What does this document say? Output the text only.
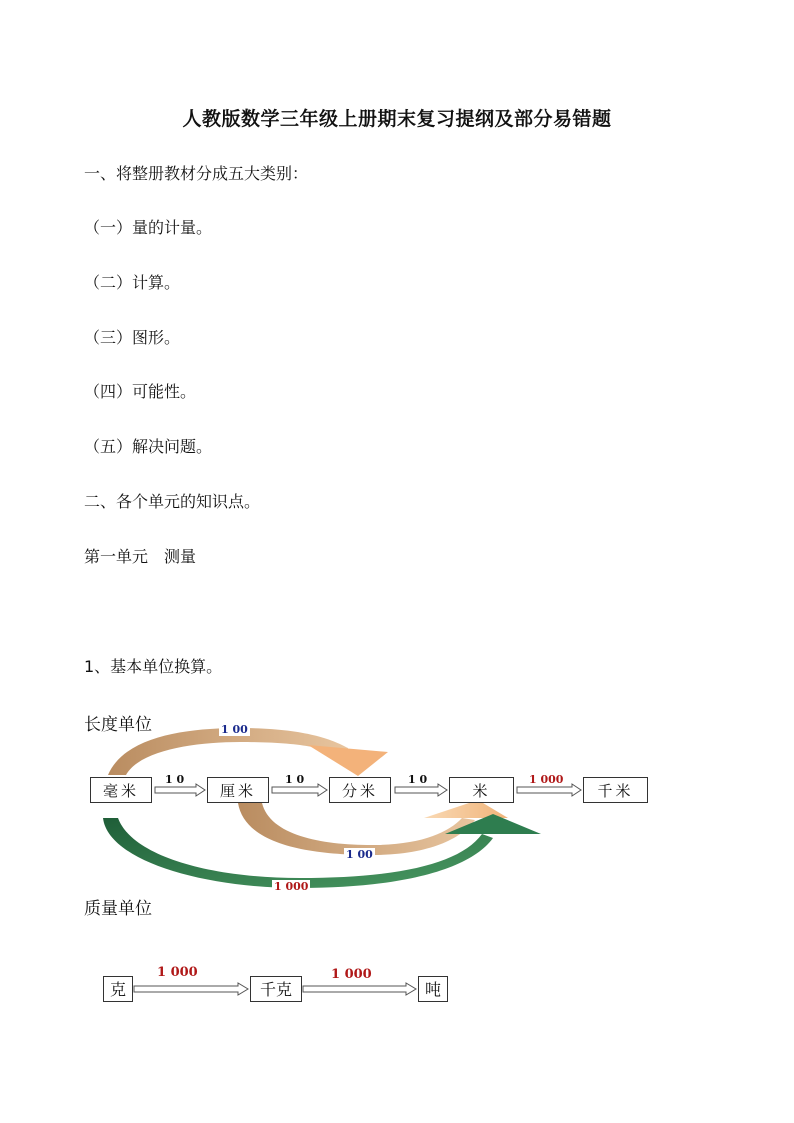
人教版数学三年级上册期末复习提纲及部分易错题
一、将整册教材分成五大类别：
（一）量的计量。
（二）计算。
（三）图形。
（四）可能性。
（五）解决问题。
二、各个单元的知识点。
第一单元　测量
1、基本单位换算。
长度单位
毫米	厘米	分米	米	千米
1 0	1 0	1 0	1 000
1 00
1 00
1 000
质量单位
克	千克	吨
1 000	1 000
